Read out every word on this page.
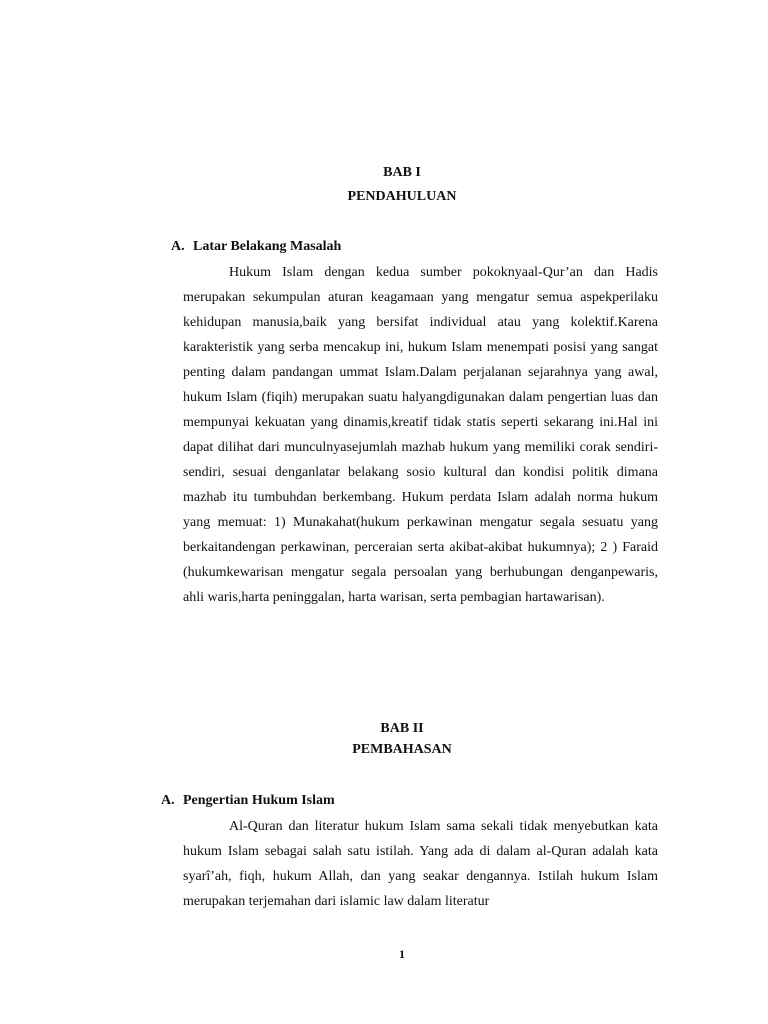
BAB I
PENDAHULUAN
A. Latar Belakang Masalah

Hukum Islam dengan kedua sumber pokoknyaal-Qur’an dan Hadis merupakan sekumpulan aturan keagamaan yang mengatur semua aspekperilaku kehidupan manusia,baik yang bersifat individual atau yang kolektif.Karena karakteristik yang serba mencakup ini, hukum Islam menempati posisi yang sangat penting dalam pandangan ummat Islam.Dalam perjalanan sejarahnya yang awal, hukum Islam (fiqih) merupakan suatu halyangdigunakan dalam pengertian luas dan mempunyai kekuatan yang dinamis,kreatif tidak statis seperti sekarang ini.Hal ini dapat dilihat dari munculnyasejumlah mazhab hukum yang memiliki corak sendiri-sendiri, sesuai denganlatar belakang sosio kultural dan kondisi politik dimana mazhab itu tumbuhdan berkembang. Hukum perdata Islam adalah norma hukum yang memuat: 1) Munakahat(hukum perkawinan mengatur segala sesuatu yang berkaitandengan perkawinan, perceraian serta akibat-akibat hukumnya); 2 ) Faraid (hukumkewarisan mengatur segala persoalan yang berhubungan denganpewaris, ahli waris,harta peninggalan, harta warisan, serta pembagian hartawarisan).

BAB II
PEMBAHASAN
A. Pengertian Hukum Islam

Al-Quran dan literatur hukum Islam sama sekali tidak menyebutkan kata hukum Islam sebagai salah satu istilah. Yang ada di dalam al-Quran adalah kata syarî’ah, fiqh, hukum Allah, dan yang seakar dengannya. Istilah hukum Islam merupakan terjemahan dari islamic law dalam literatur

1
